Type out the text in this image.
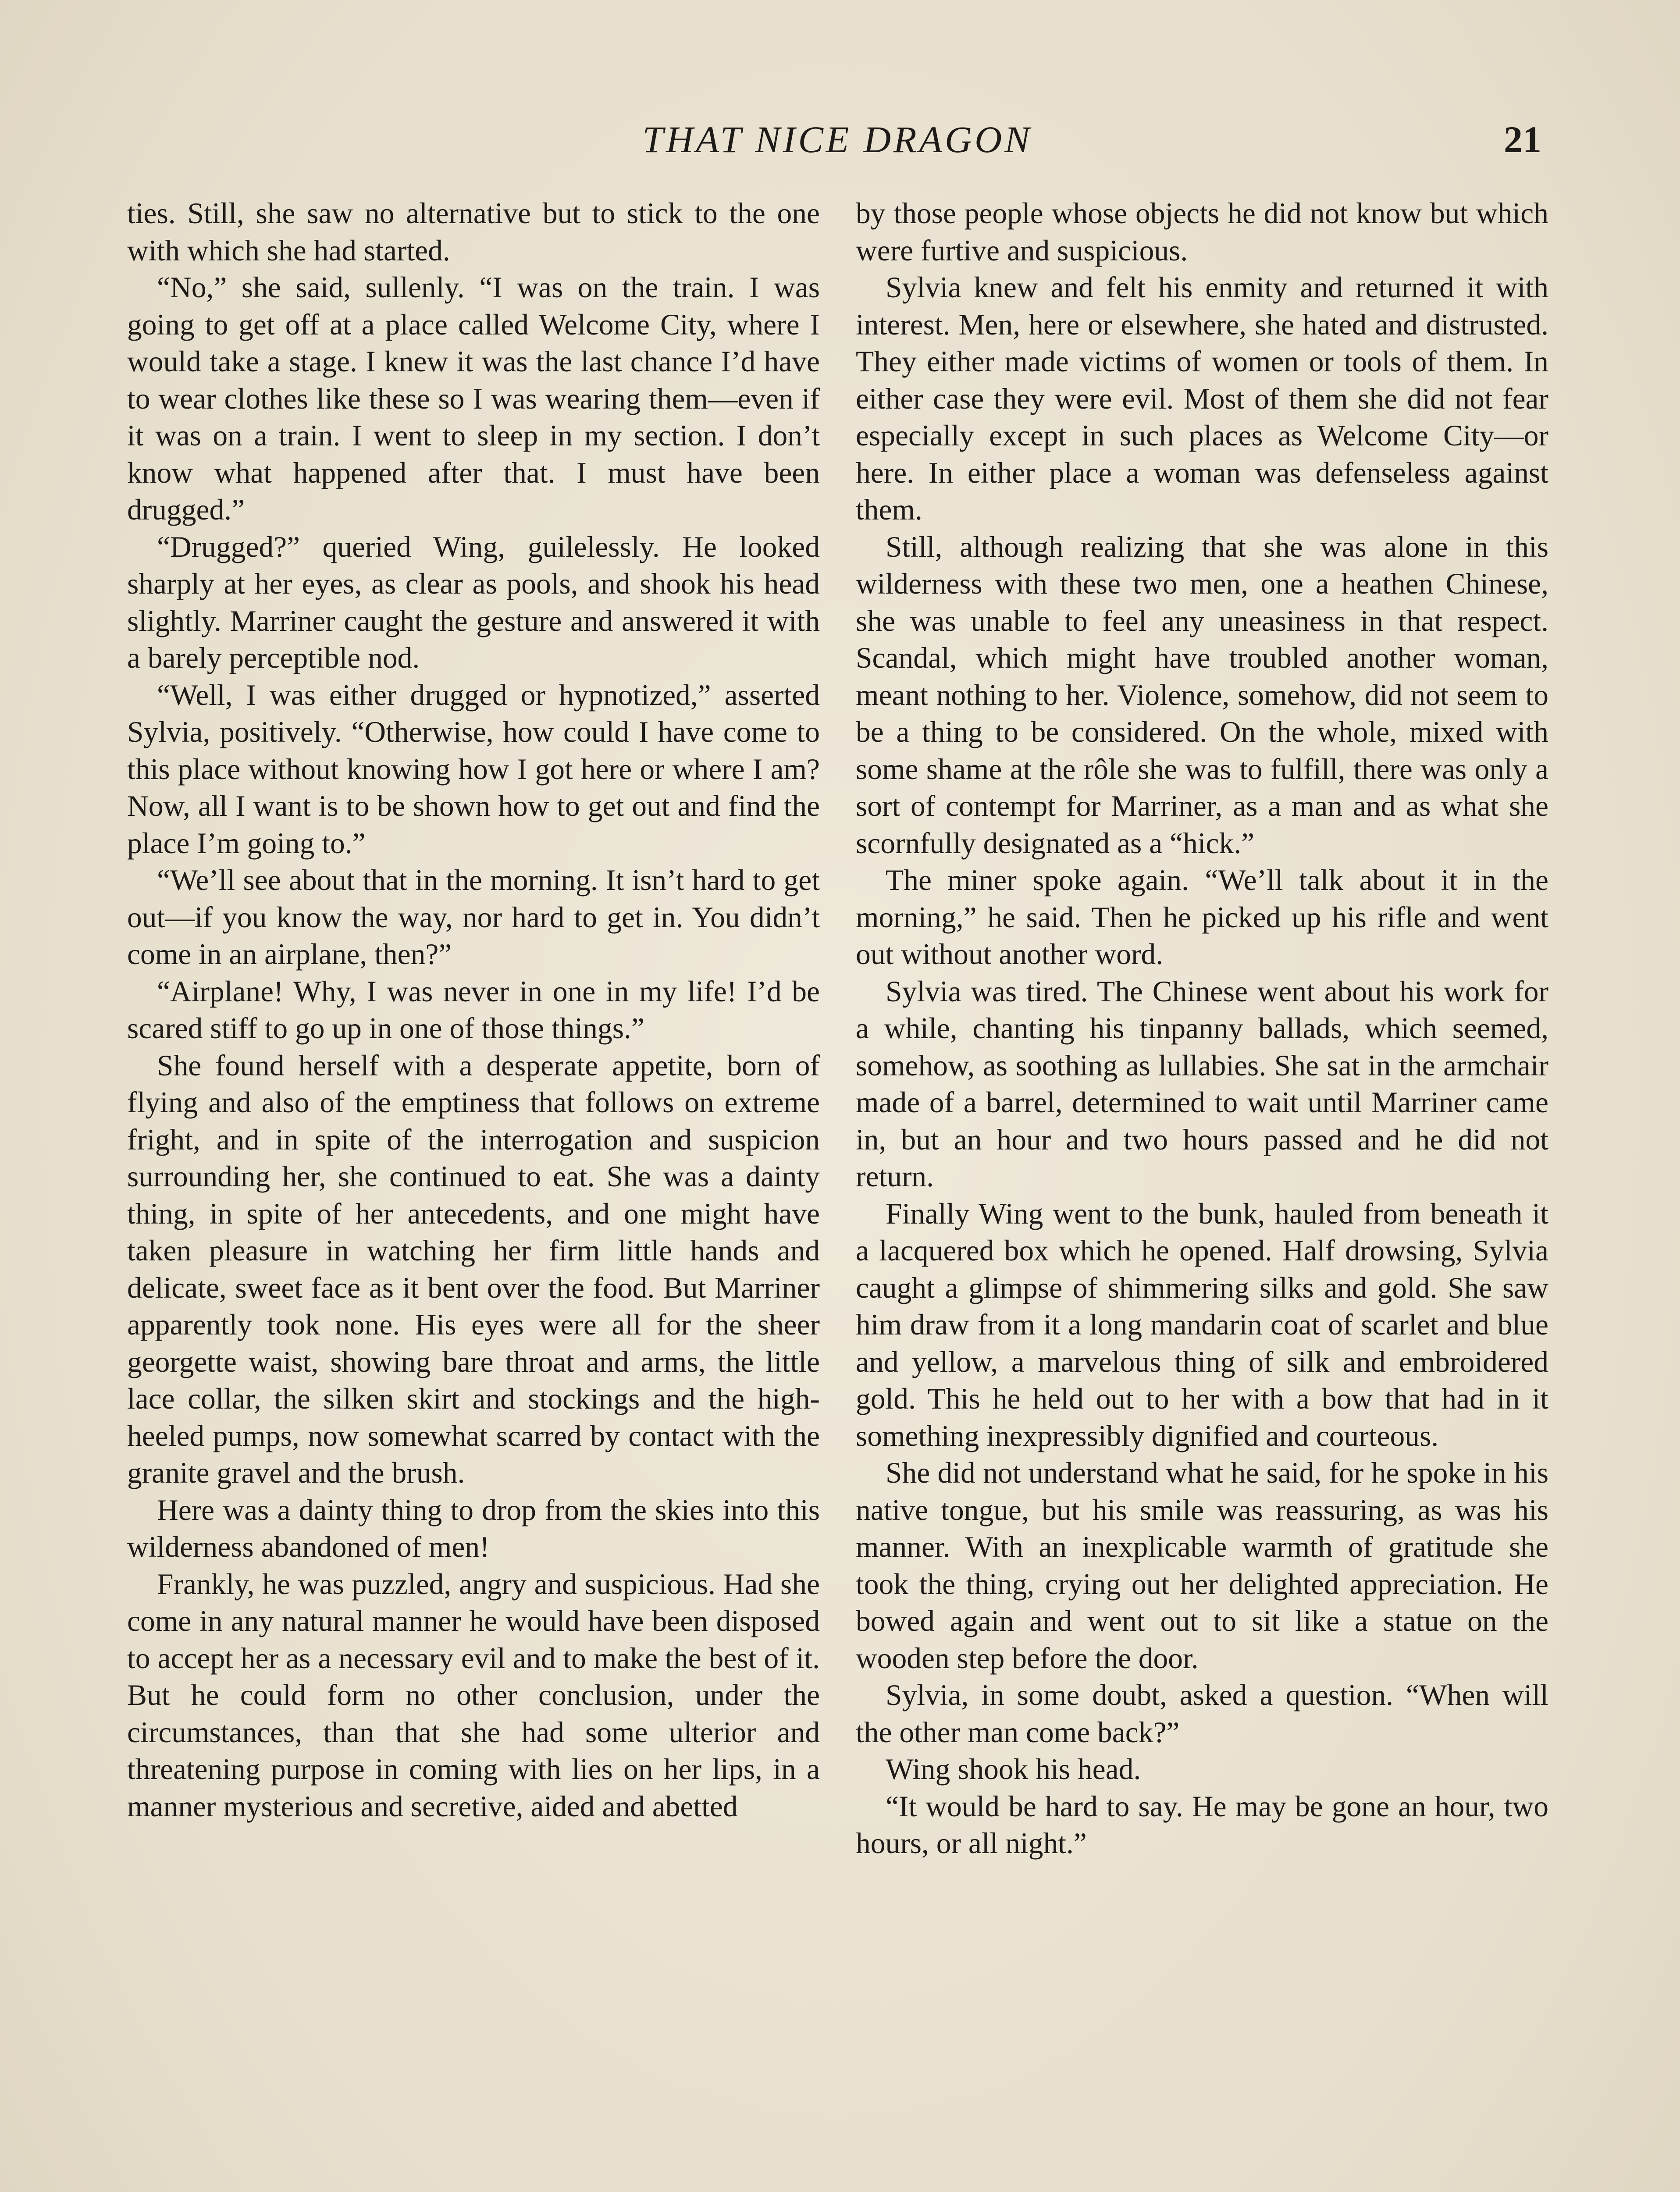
THAT NICE DRAGON	21

ties. Still, she saw no alternative but to stick to the one with which she had started.

“No,” she said, sullenly. “I was on the train. I was going to get off at a place called Welcome City, where I would take a stage. I knew it was the last chance I’d have to wear clothes like these so I was wearing them—even if it was on a train. I went to sleep in my section. I don’t know what happened after that. I must have been drugged.”

“Drugged?” queried Wing, guilelessly. He looked sharply at her eyes, as clear as pools, and shook his head slightly. Marriner caught the gesture and answered it with a barely perceptible nod.

“Well, I was either drugged or hypnotized,” asserted Sylvia, positively. “Otherwise, how could I have come to this place without knowing how I got here or where I am? Now, all I want is to be shown how to get out and find the place I’m going to.”

“We’ll see about that in the morning. It isn’t hard to get out—if you know the way, nor hard to get in. You didn’t come in an airplane, then?”

“Airplane! Why, I was never in one in my life! I’d be scared stiff to go up in one of those things.”

She found herself with a desperate appetite, born of flying and also of the emptiness that follows on extreme fright, and in spite of the interrogation and suspicion surrounding her, she continued to eat. She was a dainty thing, in spite of her antecedents, and one might have taken pleasure in watching her firm little hands and delicate, sweet face as it bent over the food. But Marriner apparently took none. His eyes were all for the sheer georgette waist, showing bare throat and arms, the little lace collar, the silken skirt and stockings and the high-heeled pumps, now somewhat scarred by contact with the granite gravel and the brush.

Here was a dainty thing to drop from the skies into this wilderness abandoned of men!

Frankly, he was puzzled, angry and suspicious. Had she come in any natural manner he would have been disposed to accept her as a necessary evil and to make the best of it. But he could form no other conclusion, under the circumstances, than that she had some ulterior and threatening purpose in coming with lies on her lips, in a manner mysterious and secretive, aided and abetted

by those people whose objects he did not know but which were furtive and suspicious.

Sylvia knew and felt his enmity and returned it with interest. Men, here or elsewhere, she hated and distrusted. They either made victims of women or tools of them. In either case they were evil. Most of them she did not fear especially except in such places as Welcome City—or here. In either place a woman was defenseless against them.

Still, although realizing that she was alone in this wilderness with these two men, one a heathen Chinese, she was unable to feel any uneasiness in that respect. Scandal, which might have troubled another woman, meant nothing to her. Violence, somehow, did not seem to be a thing to be considered. On the whole, mixed with some shame at the rôle she was to fulfill, there was only a sort of contempt for Marriner, as a man and as what she scornfully designated as a “hick.”

The miner spoke again. “We’ll talk about it in the morning,” he said. Then he picked up his rifle and went out without another word.

Sylvia was tired. The Chinese went about his work for a while, chanting his tinpanny ballads, which seemed, somehow, as soothing as lullabies. She sat in the armchair made of a barrel, determined to wait until Marriner came in, but an hour and two hours passed and he did not return.

Finally Wing went to the bunk, hauled from beneath it a lacquered box which he opened. Half drowsing, Sylvia caught a glimpse of shimmering silks and gold. She saw him draw from it a long mandarin coat of scarlet and blue and yellow, a marvelous thing of silk and embroidered gold. This he held out to her with a bow that had in it something inexpressibly dignified and courteous.

She did not understand what he said, for he spoke in his native tongue, but his smile was reassuring, as was his manner. With an inexplicable warmth of gratitude she took the thing, crying out her delighted appreciation. He bowed again and went out to sit like a statue on the wooden step before the door.

Sylvia, in some doubt, asked a question. “When will the other man come back?”

Wing shook his head.

“It would be hard to say. He may be gone an hour, two hours, or all night.”
